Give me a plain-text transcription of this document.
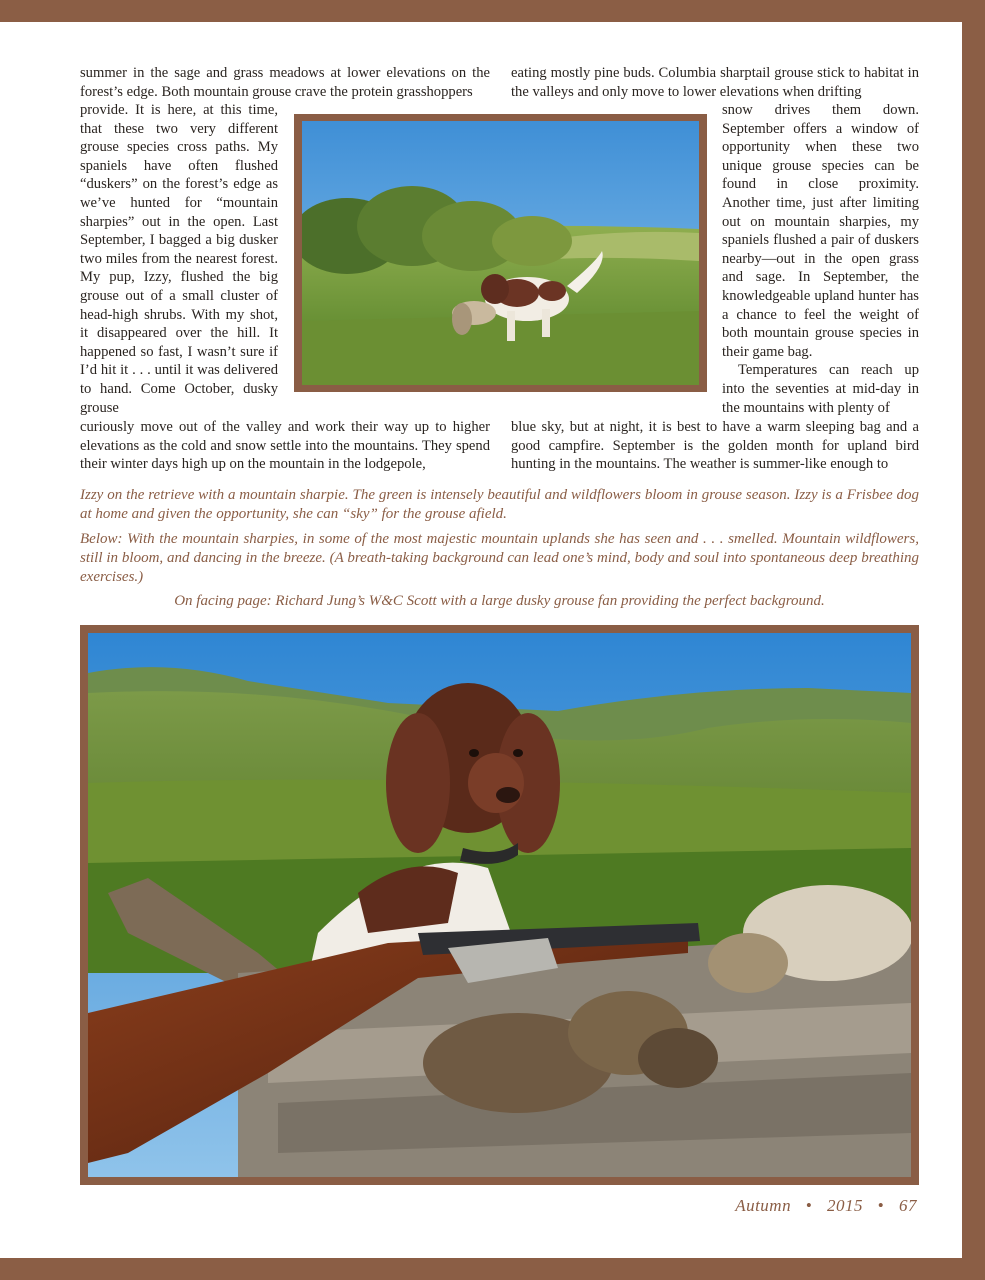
summer in the sage and grass meadows at lower elevations on the forest’s edge. Both mountain grouse crave the protein grasshoppers

provide. It is here, at this time, that these two very different grouse species cross paths. My spaniels have often flushed “duskers” on the forest’s edge as we’ve hunted for “mountain sharpies” out in the open. Last September, I bagged a big dusker two miles from the nearest forest. My pup, Izzy, flushed the big grouse out of a small cluster of head-high shrubs. With my shot, it disappeared over the hill. It happened so fast, I wasn’t sure if I’d hit it . . . until it was delivered to hand. Come October, dusky grouse

curiously move out of the valley and work their way up to higher elevations as the cold and snow settle into the mountains. They spend their winter days high up on the mountain in the lodgepole,

eating mostly pine buds. Columbia sharptail grouse stick to habitat in the valleys and only move to lower elevations when drifting

snow drives them down. September offers a window of opportunity when these two unique grouse species can be found in close proximity. Another time, just after limiting out on mountain sharpies, my spaniels flushed a pair of duskers nearby—out in the open grass and sage. In September, the knowledgeable upland hunter has a chance to feel the weight of both mountain grouse species in their game bag.

Temperatures can reach up into the seventies at mid-day in the mountains with plenty of

blue sky, but at night, it is best to have a warm sleeping bag and a good campfire. September is the golden month for upland bird hunting in the mountains. The weather is summer-like enough to

Izzy on the retrieve with a mountain sharpie. The green is intensely beautiful and wildflowers bloom in grouse season. Izzy is a Frisbee dog at home and given the opportunity, she can “sky” for the grouse afield.

Below: With the mountain sharpies, in some of the most majestic mountain uplands she has seen and . . . smelled. Mountain wildflowers, still in bloom, and dancing in the breeze. (A breath-taking background can lead one’s mind, body and soul into spontaneous deep breathing exercises.)

On facing page: Richard Jung’s W&C Scott with a large dusky grouse fan providing the perfect background.

Autumn • 2015 • 67
